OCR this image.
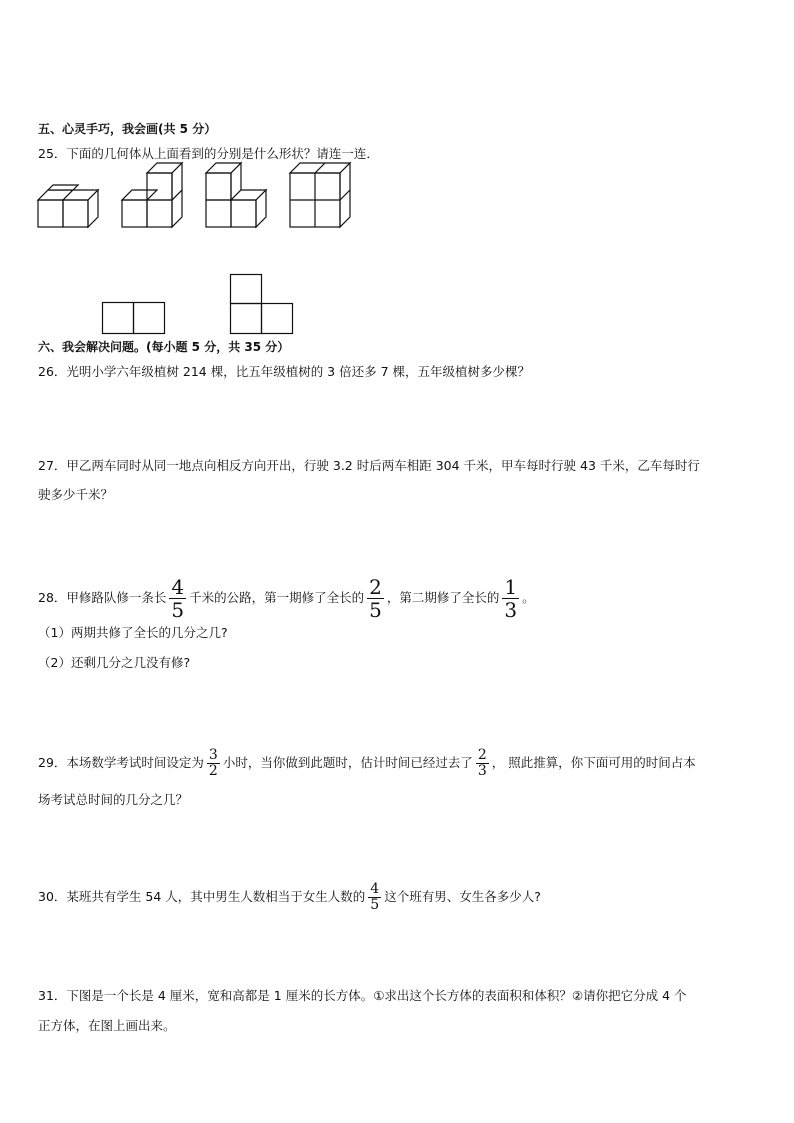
五、心灵手巧，我会画(共 5 分）
25．下面的几何体从上面看到的分别是什么形状？请连一连．
六、我会解决问题。(每小题 5 分，共 35 分）
26．光明小学六年级植树 214 棵，比五年级植树的 3 倍还多 7 棵，五年级植树多少棵？
27．甲乙两车同时从同一地点向相反方向开出，行驶 3.2 时后两车相距 304 千米，甲车每时行驶 43 千米，乙车每时行
驶多少千米？
28．甲修路队修一条长 $\frac{4}{5}$ 千米的公路，第一期修了全长的 $\frac{2}{5}$ ，第二期修了全长的 $\frac{1}{3}$ 。
（1）两期共修了全长的几分之几?
（2）还剩几分之几没有修?
29．本场数学考试时间设定为 $\frac{3}{2}$ 小时，当你做到此题时，估计时间已经过去了 $\frac{2}{3}$ ， 照此推算，你下面可用的时间占本
场考试总时间的几分之几？
30．某班共有学生 54 人，其中男生人数相当于女生人数的 $\frac{4}{5}$ 这个班有男、女生各多少人?
31．下图是一个长是 4 厘米，宽和高都是 1 厘米的长方体。①求出这个长方体的表面积和体积？②请你把它分成 4 个
正方体，在图上画出来。
